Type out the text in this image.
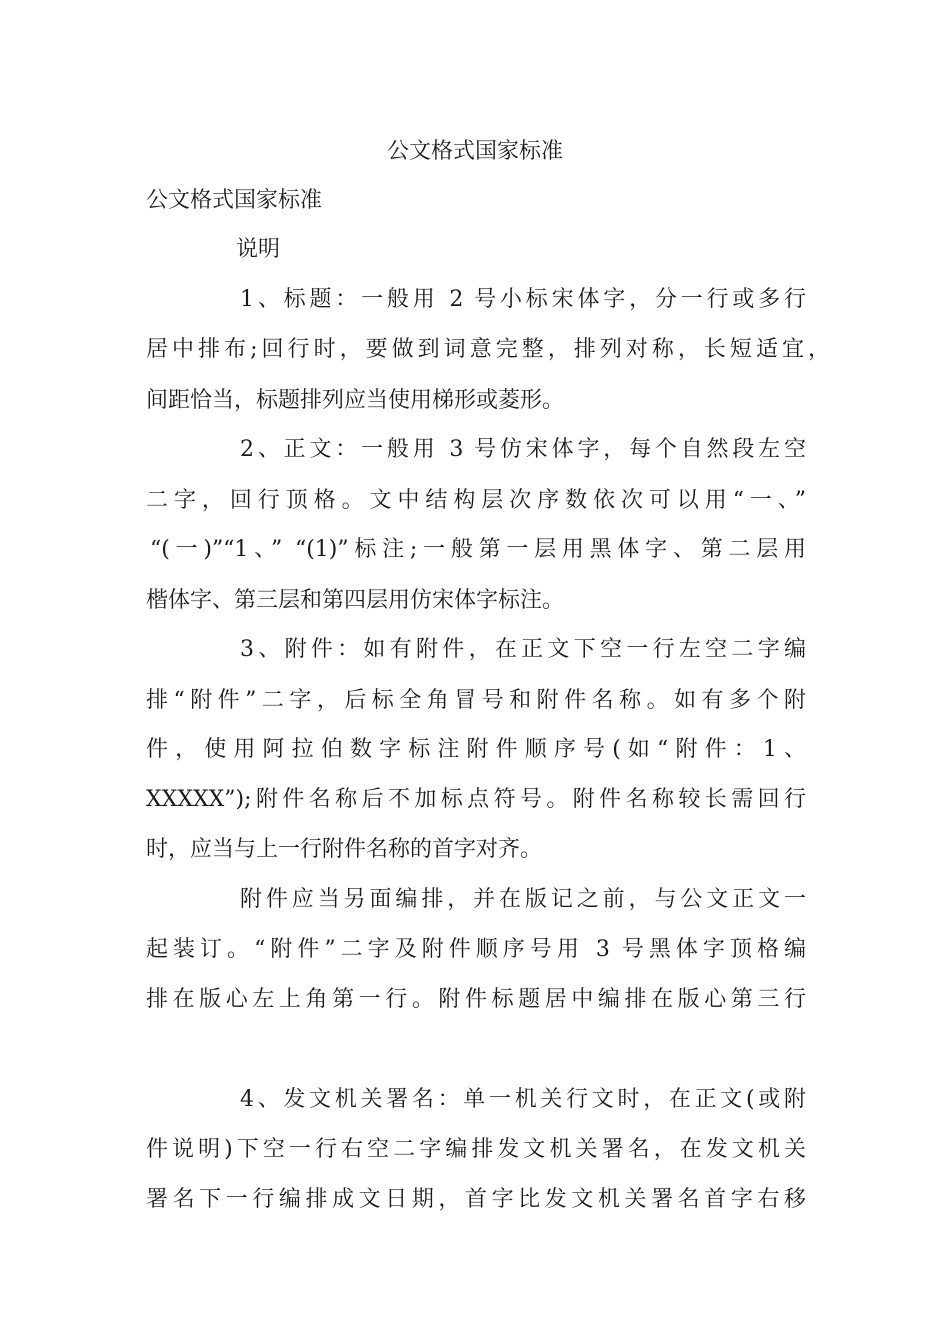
公文格式国家标准
公文格式国家标准
说明
1、标题：一般用 2 号小标宋体字，分一行或多行
居中排布;回行时，要做到词意完整，排列对称，长短适宜，
间距恰当，标题排列应当使用梯形或菱形。
2、正文：一般用 3 号仿宋体字，每个自然段左空
二字，回行顶格。文中结构层次序数依次可以用“一、”
“(一)”“1、” “(1)”标注;一般第一层用黑体字、第二层用
楷体字、第三层和第四层用仿宋体字标注。
3、附件：如有附件，在正文下空一行左空二字编
排“附件”二字，后标全角冒号和附件名称。如有多个附
件，使用阿拉伯数字标注附件顺序号(如“附件：1、
XXXXX”);附件名称后不加标点符号。附件名称较长需回行
时，应当与上一行附件名称的首字对齐。
附件应当另面编排，并在版记之前，与公文正文一
起装订。“附件”二字及附件顺序号用 3 号黑体字顶格编
排在版心左上角第一行。附件标题居中编排在版心第三行
4、发文机关署名：单一机关行文时，在正文(或附
件说明)下空一行右空二字编排发文机关署名，在发文机关
署名下一行编排成文日期，首字比发文机关署名首字右移
